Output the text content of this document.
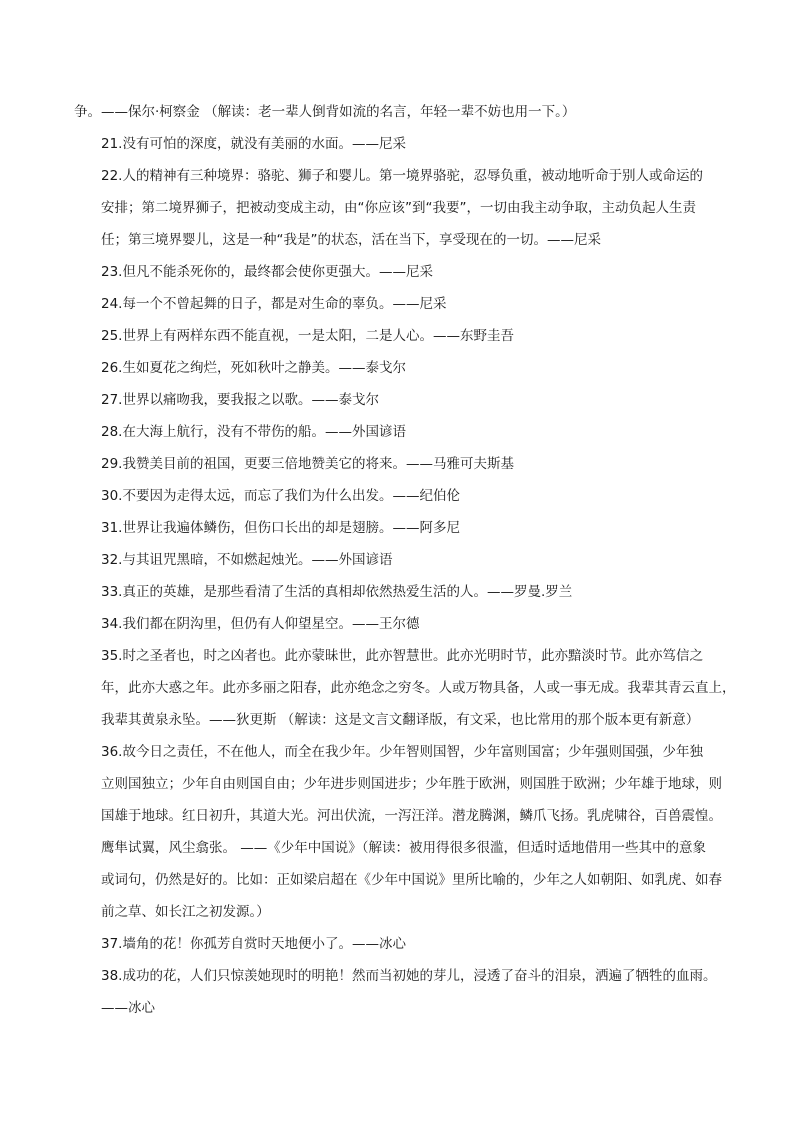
争。——保尔·柯察金 （解读：老一辈人倒背如流的名言，年轻一辈不妨也用一下。）

21.没有可怕的深度，就没有美丽的水面。——尼采

22.人的精神有三种境界：骆驼、狮子和婴儿。第一境界骆驼，忍辱负重，被动地听命于别人或命运的
安排；第二境界狮子，把被动变成主动，由“你应该”到“我要”，一切由我主动争取，主动负起人生责
任；第三境界婴儿，这是一种“我是”的状态，活在当下，享受现在的一切。——尼采

23.但凡不能杀死你的，最终都会使你更强大。——尼采

24.每一个不曾起舞的日子，都是对生命的辜负。——尼采

25.世界上有两样东西不能直视，一是太阳，二是人心。——东野圭吾

26.生如夏花之绚烂，死如秋叶之静美。——泰戈尔

27.世界以痛吻我，要我报之以歌。——泰戈尔

28.在大海上航行，没有不带伤的船。——外国谚语

29.我赞美目前的祖国，更要三倍地赞美它的将来。——马雅可夫斯基

30.不要因为走得太远，而忘了我们为什么出发。——纪伯伦

31.世界让我遍体鳞伤，但伤口长出的却是翅膀。——阿多尼

32.与其诅咒黑暗，不如燃起烛光。——外国谚语

33.真正的英雄，是那些看清了生活的真相却依然热爱生活的人。——罗曼.罗兰

34.我们都在阴沟里，但仍有人仰望星空。——王尔德

35.时之圣者也，时之凶者也。此亦蒙昧世，此亦智慧世。此亦光明时节，此亦黯淡时节。此亦笃信之
年，此亦大惑之年。此亦多丽之阳春，此亦绝念之穷冬。人或万物具备，人或一事无成。我辈其青云直上，
我辈其黄泉永坠。——狄更斯 （解读：这是文言文翻译版，有文采，也比常用的那个版本更有新意）

36.故今日之责任，不在他人，而全在我少年。少年智则国智，少年富则国富；少年强则国强，少年独
立则国独立；少年自由则国自由；少年进步则国进步；少年胜于欧洲，则国胜于欧洲；少年雄于地球，则
国雄于地球。红日初升，其道大光。河出伏流，一泻汪洋。潜龙腾渊，鳞爪飞扬。乳虎啸谷，百兽震惶。
鹰隼试翼，风尘翕张。 ——《少年中国说》（解读：被用得很多很滥，但适时适地借用一些其中的意象
或词句，仍然是好的。比如：正如梁启超在《少年中国说》里所比喻的，少年之人如朝阳、如乳虎、如春
前之草、如长江之初发源。）

37.墙角的花！你孤芳自赏时天地便小了。——冰心

38.成功的花，人们只惊羡她现时的明艳！然而当初她的芽儿，浸透了奋斗的泪泉，洒遍了牺牲的血雨。
——冰心
